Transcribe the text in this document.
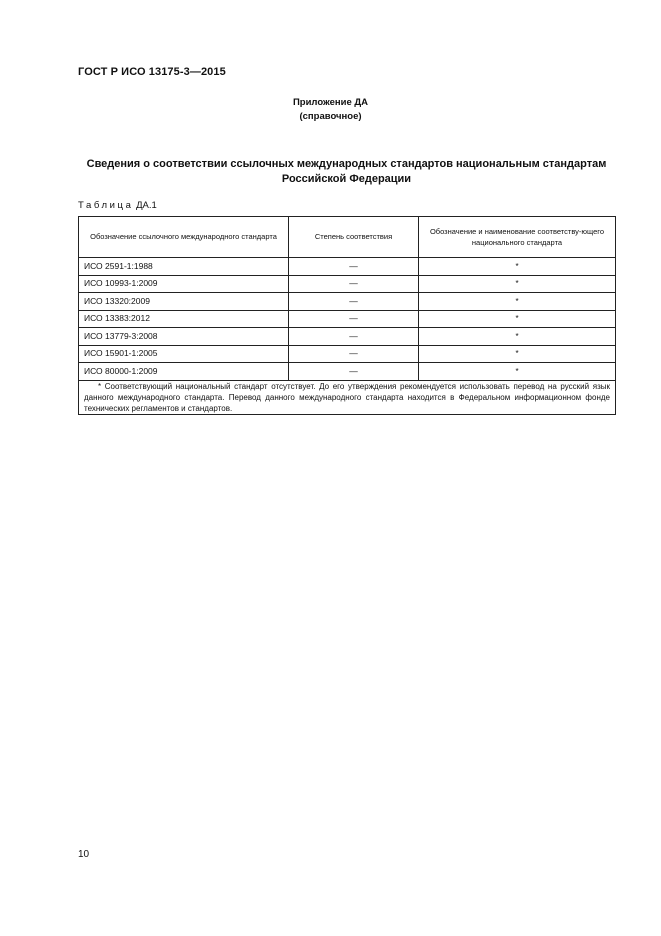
ГОСТ Р ИСО 13175-3—2015
Приложение ДА
(справочное)
Сведения о соответствии ссылочных международных стандартов национальным стандартам
Российской Федерации
Таблица ДА.1
Обозначение ссылочного международного стандарта	Степень соответствия	Обозначение и наименование соответству-ющего национального стандарта
ИСО 2591-1:1988	—	*
ИСО 10993-1:2009	—	*
ИСО 13320:2009	—	*
ИСО 13383:2012	—	*
ИСО 13779-3:2008	—	*
ИСО 15901-1:2005	—	*
ИСО 80000-1:2009	—	*
* Соответствующий национальный стандарт отсутствует. До его утверждения рекомендуется использовать перевод на русский язык данного международного стандарта. Перевод данного международного стандарта находится в Федеральном информационном фонде технических регламентов и стандартов.		
10
